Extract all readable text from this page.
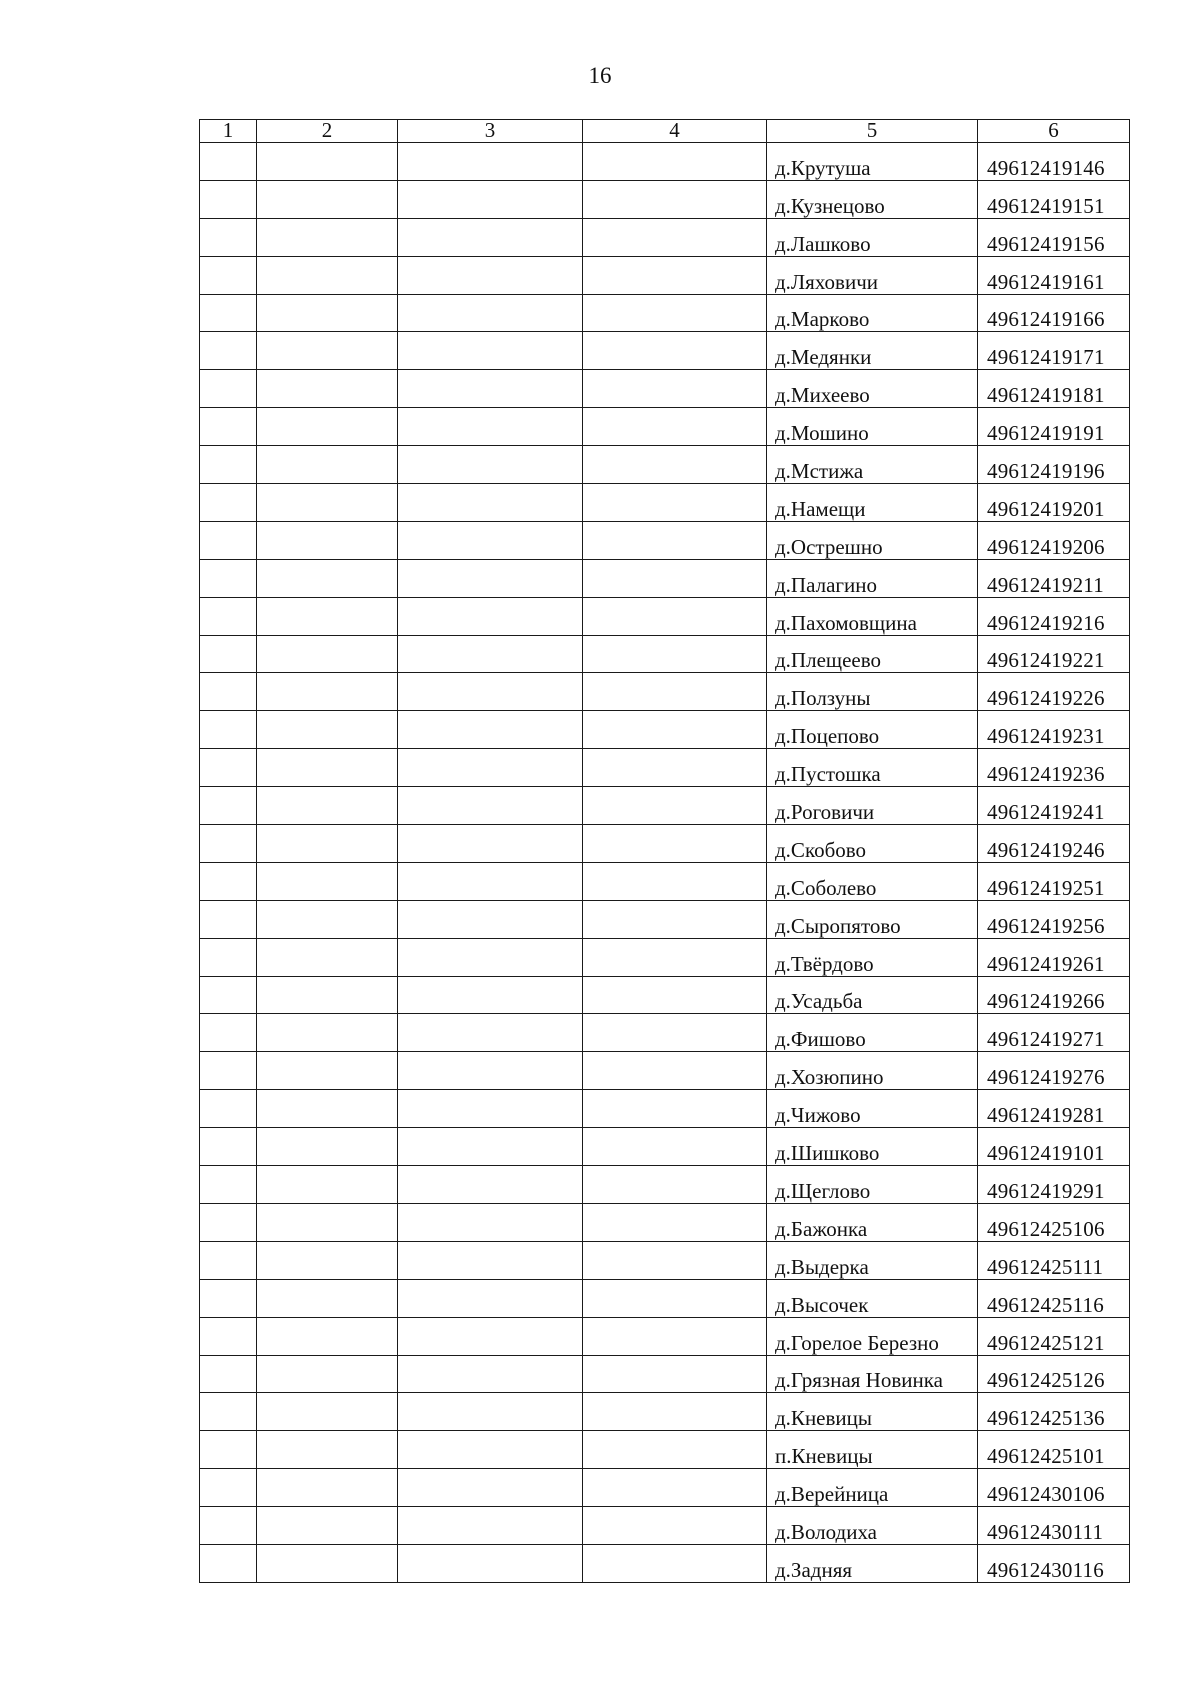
16
1	2	3	4	5	6
				д.Крутуша	49612419146
				д.Кузнецово	49612419151
				д.Лашково	49612419156
				д.Ляховичи	49612419161
				д.Марково	49612419166
				д.Медянки	49612419171
				д.Михеево	49612419181
				д.Мошино	49612419191
				д.Мстижа	49612419196
				д.Намещи	49612419201
				д.Острешно	49612419206
				д.Палагино	49612419211
				д.Пахомовщина	49612419216
				д.Плещеево	49612419221
				д.Ползуны	49612419226
				д.Поцепово	49612419231
				д.Пустошка	49612419236
				д.Роговичи	49612419241
				д.Скобово	49612419246
				д.Соболево	49612419251
				д.Сыропятово	49612419256
				д.Твёрдово	49612419261
				д.Усадьба	49612419266
				д.Фишово	49612419271
				д.Хозюпино	49612419276
				д.Чижово	49612419281
				д.Шишково	49612419101
				д.Щеглово	49612419291
				д.Бажонка	49612425106
				д.Выдерка	49612425111
				д.Высочек	49612425116
				д.Горелое Березно	49612425121
				д.Грязная Новинка	49612425126
				д.Кневицы	49612425136
				п.Кневицы	49612425101
				д.Верейница	49612430106
				д.Володиха	49612430111
				д.Задняя	49612430116
